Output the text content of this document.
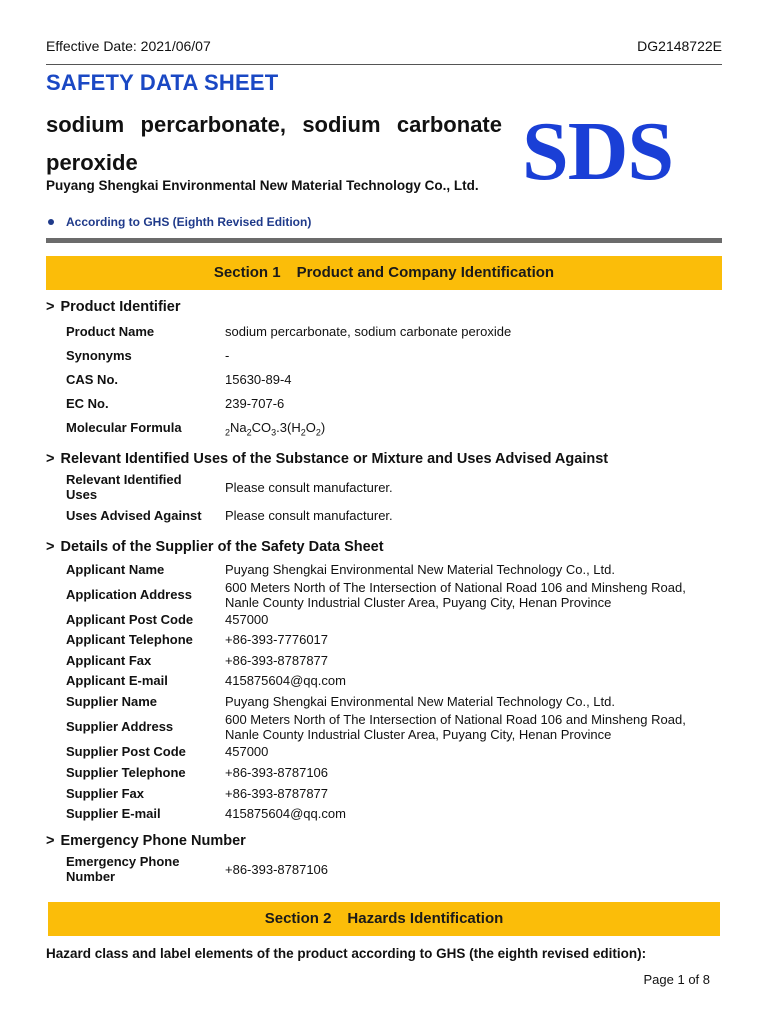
Effective Date: 2021/06/07	DG2148722E
SAFETY DATA SHEET
sodium percarbonate, sodium carbonate peroxide
Puyang Shengkai Environmental New Material Technology Co., Ltd. SDS
According to GHS (Eighth Revised Edition)
Section 1 Product and Company Identification
> Product Identifier
Product Name	sodium percarbonate, sodium carbonate peroxide
Synonyms	-
CAS No.	15630-89-4
EC No.	239-707-6
Molecular Formula	$_2Na_2CO_3.3(H_2O_2)$
> Relevant Identified Uses of the Substance or Mixture and Uses Advised Against
Relevant Identified Uses	Please consult manufacturer.
Uses Advised Against	Please consult manufacturer.
> Details of the Supplier of the Safety Data Sheet
Applicant Name	Puyang Shengkai Environmental New Material Technology Co., Ltd.
Application Address	600 Meters North of The Intersection of National Road 106 and Minsheng Road, Nanle County Industrial Cluster Area, Puyang City, Henan Province
Applicant Post Code	457000
Applicant Telephone	+86-393-7776017
Applicant Fax	+86-393-8787877
Applicant E-mail	415875604@qq.com
Supplier Name	Puyang Shengkai Environmental New Material Technology Co., Ltd.
Supplier Address	600 Meters North of The Intersection of National Road 106 and Minsheng Road, Nanle County Industrial Cluster Area, Puyang City, Henan Province
Supplier Post Code	457000
Supplier Telephone	+86-393-8787106
Supplier Fax	+86-393-8787877
Supplier E-mail	415875604@qq.com
> Emergency Phone Number
Emergency Phone Number	+86-393-8787106
Section 2 Hazards Identification
Hazard class and label elements of the product according to GHS (the eighth revised edition):
Page 1 of 8
